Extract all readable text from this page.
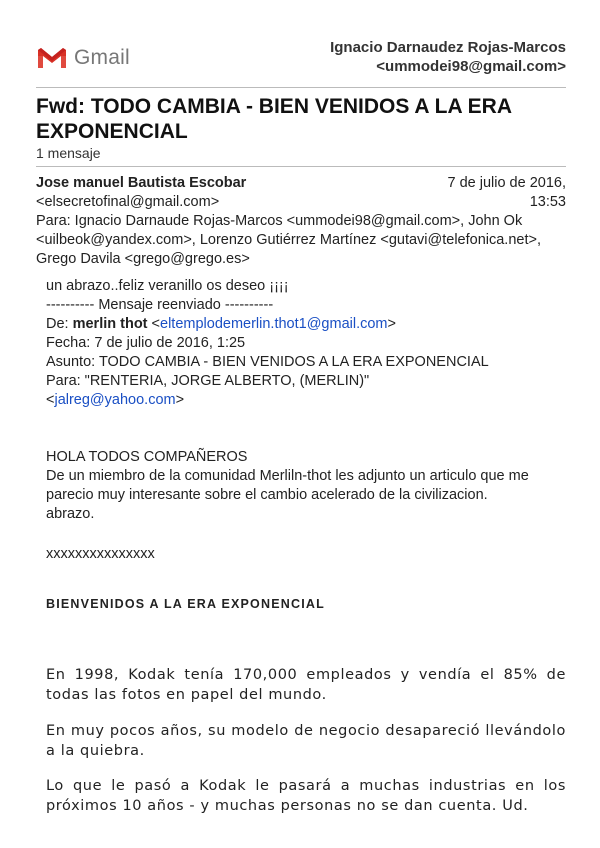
Gmail	Ignacio Darnaudez Rojas-Marcos
<ummodei98@gmail.com>
Fwd: TODO CAMBIA - BIEN VENIDOS A LA ERA EXPONENCIAL
1 mensaje
Jose manuel Bautista Escobar	7 de julio de 2016,
<elsecretofinal@gmail.com>	13:53
Para: Ignacio Darnaude Rojas-Marcos <ummodei98@gmail.com>, John Ok <uilbeok@yandex.com>, Lorenzo Gutiérrez Martínez <gutavi@telefonica.net>, Grego Davila <grego@grego.es>
un abrazo..feliz veranillo os deseo ¡¡¡¡
---------- Mensaje reenviado ----------
De: merlin thot <eltemplodemerlin.thot1@gmail.com>
Fecha: 7 de julio de 2016, 1:25
Asunto: TODO CAMBIA - BIEN VENIDOS A LA ERA EXPONENCIAL
Para: "RENTERIA, JORGE ALBERTO, (MERLIN)"
<jalreg@yahoo.com>
HOLA TODOS COMPAÑEROS
De un miembro de la comunidad Merliln-thot les adjunto un articulo que me parecio muy interesante sobre el cambio acelerado de la civilizacion.
abrazo.
xxxxxxxxxxxxxxx
BIENVENIDOS A LA ERA EXPONENCIAL
En 1998, Kodak tenía 170,000 empleados y vendía el 85% de todas las fotos en papel del mundo.
En muy pocos años, su modelo de negocio desapareció llevándolo a la quiebra.
Lo que le pasó a Kodak le pasará a muchas industrias en los próximos 10 años - y muchas personas no se dan cuenta. Ud.
